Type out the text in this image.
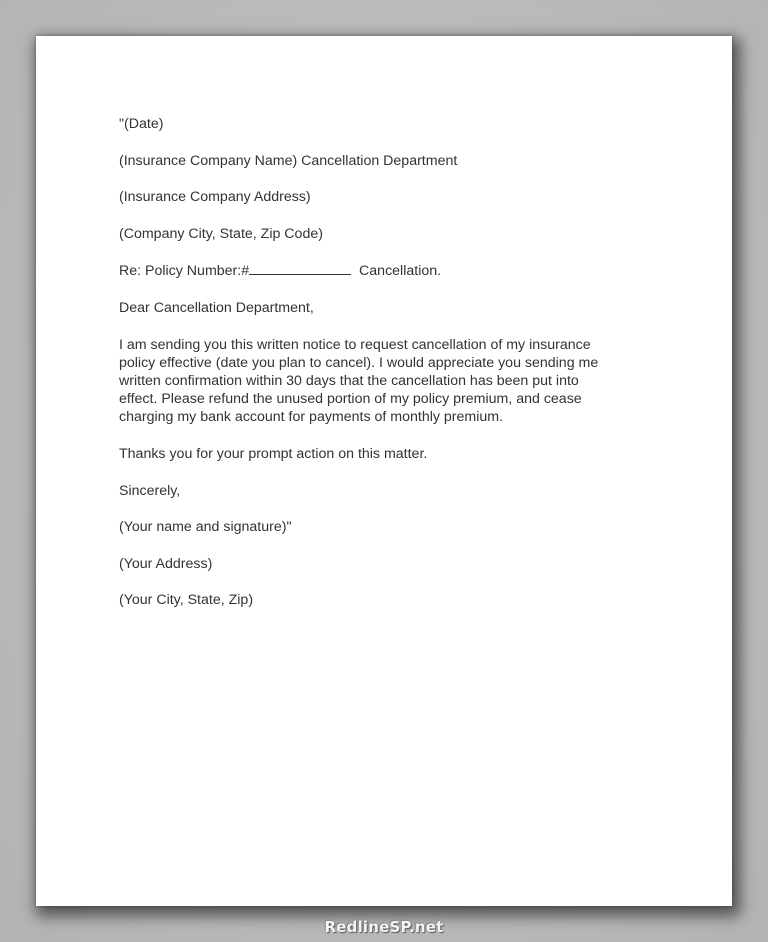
"(Date)
(Insurance Company Name) Cancellation Department
(Insurance Company Address)
(Company City, State, Zip Code)
Re: Policy Number:#	Cancellation.
Dear Cancellation Department,
I am sending you this written notice to request cancellation of my insurance
policy effective (date you plan to cancel). I would appreciate you sending me
written confirmation within 30 days that the cancellation has been put into
effect. Please refund the unused portion of my policy premium, and cease
charging my bank account for payments of monthly premium.
Thanks you for your prompt action on this matter.
Sincerely,
(Your name and signature)"
(Your Address)
(Your City, State, Zip)
RedlineSP.net
